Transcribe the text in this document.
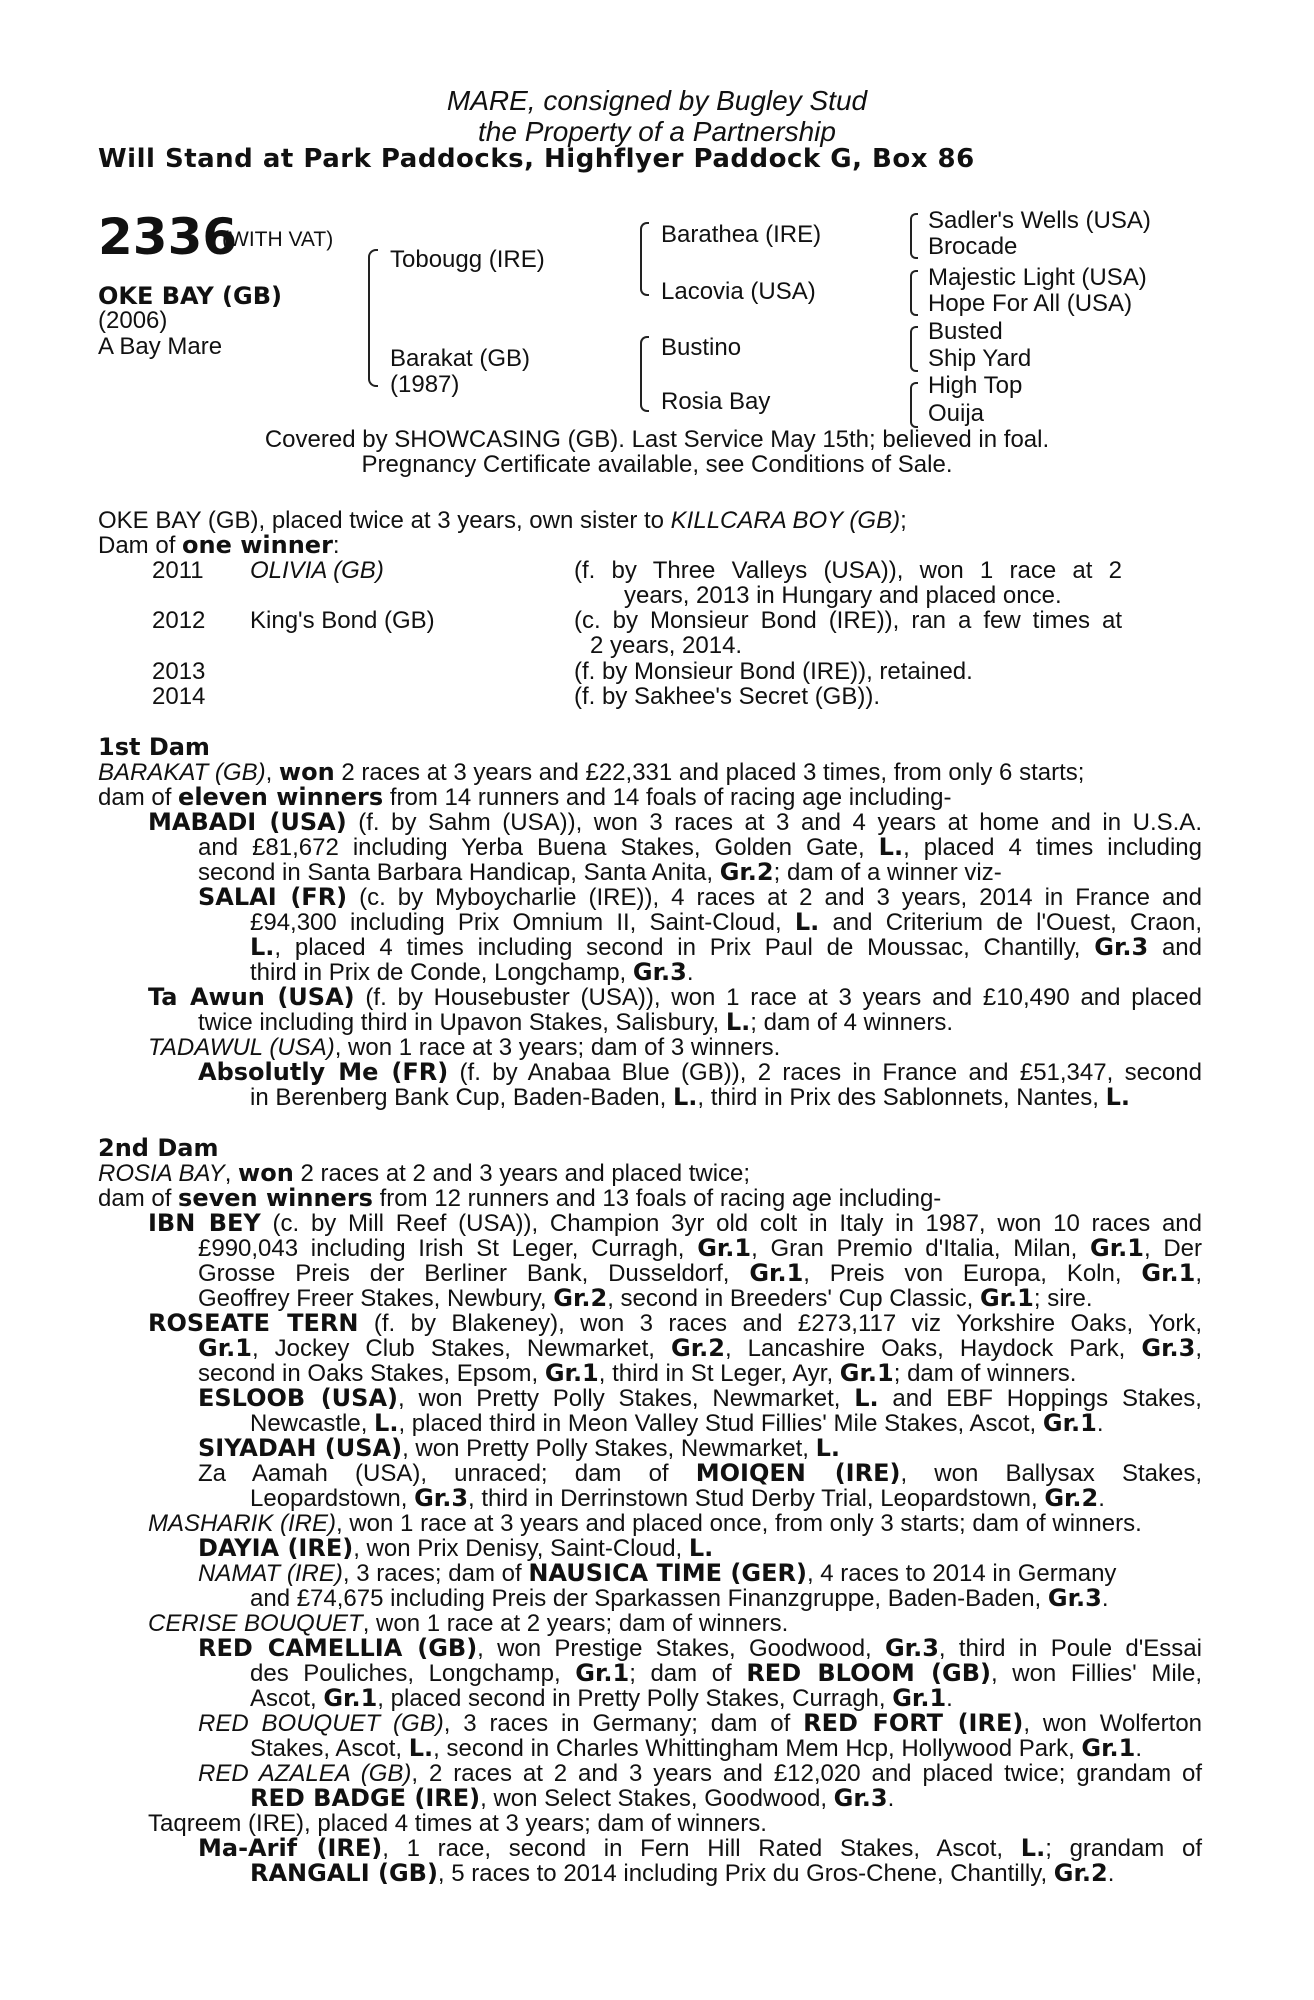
MARE, consigned by Bugley Stud
the Property of a Partnership
Will Stand at Park Paddocks, Highflyer Paddock G, Box 86
2336
(WITH VAT)
OKE BAY (GB)
(2006)
A Bay Mare
Tobougg (IRE)
Barakat (GB)
(1987)
Barathea (IRE)
Lacovia (USA)
Bustino
Rosia Bay
Sadler's Wells (USA)
Brocade
Majestic Light (USA)
Hope For All (USA)
Busted
Ship Yard
High Top
Ouija
Covered by SHOWCASING (GB). Last Service May 15th; believed in foal.
Pregnancy Certificate available, see Conditions of Sale.
OKE BAY (GB), placed twice at 3 years, own sister to KILLCARA BOY (GB);
Dam of one winner:
2011 OLIVIA (GB)	(f. by Three Valleys (USA)), won 1 race at 2
years, 2013 in Hungary and placed once.
2012 King's Bond (GB)	(c. by Monsieur Bond (IRE)), ran a few times at
2 years, 2014.
2013	(f. by Monsieur Bond (IRE)), retained.
2014	(f. by Sakhee's Secret (GB)).
1st Dam
BARAKAT (GB), won 2 races at 3 years and £22,331 and placed 3 times, from only 6 starts;
dam of eleven winners from 14 runners and 14 foals of racing age including-
MABADI (USA) (f. by Sahm (USA)), won 3 races at 3 and 4 years at home and in U.S.A.
and £81,672 including Yerba Buena Stakes, Golden Gate, L., placed 4 times including
second in Santa Barbara Handicap, Santa Anita, Gr.2; dam of a winner viz-
SALAI (FR) (c. by Myboycharlie (IRE)), 4 races at 2 and 3 years, 2014 in France and
£94,300 including Prix Omnium II, Saint-Cloud, L. and Criterium de l'Ouest, Craon,
L., placed 4 times including second in Prix Paul de Moussac, Chantilly, Gr.3 and
third in Prix de Conde, Longchamp, Gr.3.
Ta Awun (USA) (f. by Housebuster (USA)), won 1 race at 3 years and £10,490 and placed
twice including third in Upavon Stakes, Salisbury, L.; dam of 4 winners.
TADAWUL (USA), won 1 race at 3 years; dam of 3 winners.
Absolutly Me (FR) (f. by Anabaa Blue (GB)), 2 races in France and £51,347, second
in Berenberg Bank Cup, Baden-Baden, L., third in Prix des Sablonnets, Nantes, L.
2nd Dam
ROSIA BAY, won 2 races at 2 and 3 years and placed twice;
dam of seven winners from 12 runners and 13 foals of racing age including-
IBN BEY (c. by Mill Reef (USA)), Champion 3yr old colt in Italy in 1987, won 10 races and
£990,043 including Irish St Leger, Curragh, Gr.1, Gran Premio d'Italia, Milan, Gr.1, Der
Grosse Preis der Berliner Bank, Dusseldorf, Gr.1, Preis von Europa, Koln, Gr.1,
Geoffrey Freer Stakes, Newbury, Gr.2, second in Breeders' Cup Classic, Gr.1; sire.
ROSEATE TERN (f. by Blakeney), won 3 races and £273,117 viz Yorkshire Oaks, York,
Gr.1, Jockey Club Stakes, Newmarket, Gr.2, Lancashire Oaks, Haydock Park, Gr.3,
second in Oaks Stakes, Epsom, Gr.1, third in St Leger, Ayr, Gr.1; dam of winners.
ESLOOB (USA), won Pretty Polly Stakes, Newmarket, L. and EBF Hoppings Stakes,
Newcastle, L., placed third in Meon Valley Stud Fillies' Mile Stakes, Ascot, Gr.1.
SIYADAH (USA), won Pretty Polly Stakes, Newmarket, L.
Za Aamah (USA), unraced; dam of MOIQEN (IRE), won Ballysax Stakes,
Leopardstown, Gr.3, third in Derrinstown Stud Derby Trial, Leopardstown, Gr.2.
MASHARIK (IRE), won 1 race at 3 years and placed once, from only 3 starts; dam of winners.
DAYIA (IRE), won Prix Denisy, Saint-Cloud, L.
NAMAT (IRE), 3 races; dam of NAUSICA TIME (GER), 4 races to 2014 in Germany
and £74,675 including Preis der Sparkassen Finanzgruppe, Baden-Baden, Gr.3.
CERISE BOUQUET, won 1 race at 2 years; dam of winners.
RED CAMELLIA (GB), won Prestige Stakes, Goodwood, Gr.3, third in Poule d'Essai
des Pouliches, Longchamp, Gr.1; dam of RED BLOOM (GB), won Fillies' Mile,
Ascot, Gr.1, placed second in Pretty Polly Stakes, Curragh, Gr.1.
RED BOUQUET (GB), 3 races in Germany; dam of RED FORT (IRE), won Wolferton
Stakes, Ascot, L., second in Charles Whittingham Mem Hcp, Hollywood Park, Gr.1.
RED AZALEA (GB), 2 races at 2 and 3 years and £12,020 and placed twice; grandam of
RED BADGE (IRE), won Select Stakes, Goodwood, Gr.3.
Taqreem (IRE), placed 4 times at 3 years; dam of winners.
Ma-Arif (IRE), 1 race, second in Fern Hill Rated Stakes, Ascot, L.; grandam of
RANGALI (GB), 5 races to 2014 including Prix du Gros-Chene, Chantilly, Gr.2.
